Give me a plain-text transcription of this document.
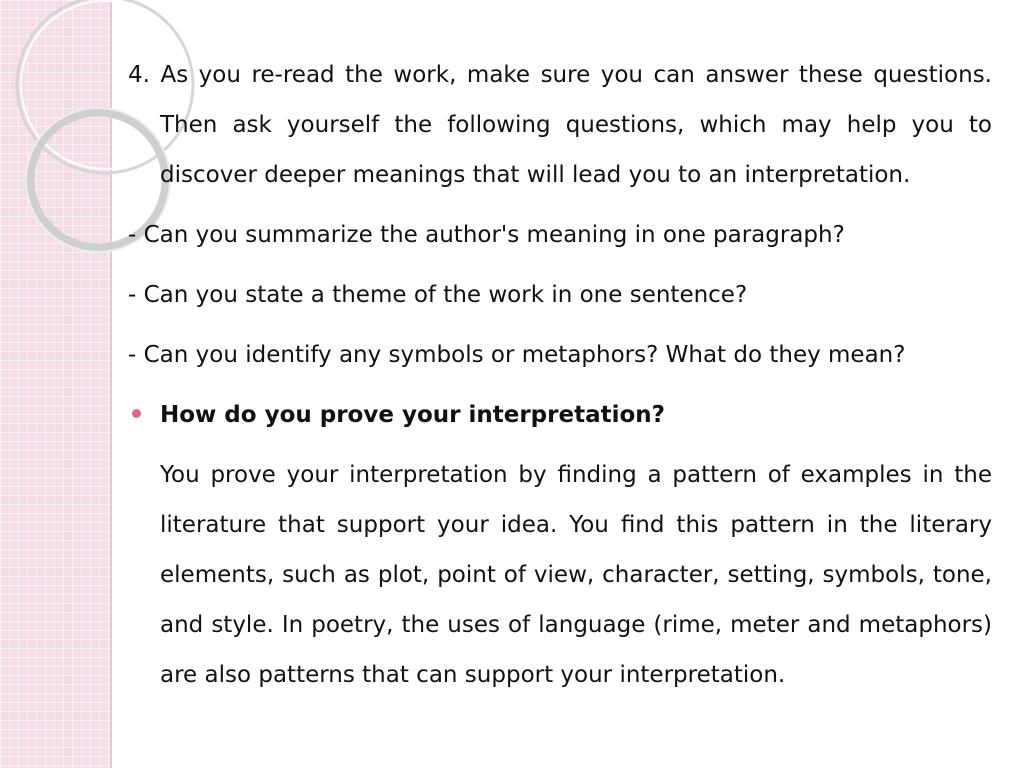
4. As you re-read the work, make sure you can answer these questions. Then ask yourself the following questions, which may help you to discover deeper meanings that will lead you to an interpretation.

- Can you summarize the author's meaning in one paragraph?

- Can you state a theme of the work in one sentence?

- Can you identify any symbols or metaphors? What do they mean?

How do you prove your interpretation?

You prove your interpretation by finding a pattern of examples in the literature that support your idea. You find this pattern in the literary elements, such as plot, point of view, character, setting, symbols, tone, and style. In poetry, the uses of language (rime, meter and metaphors) are also patterns that can support your interpretation.
